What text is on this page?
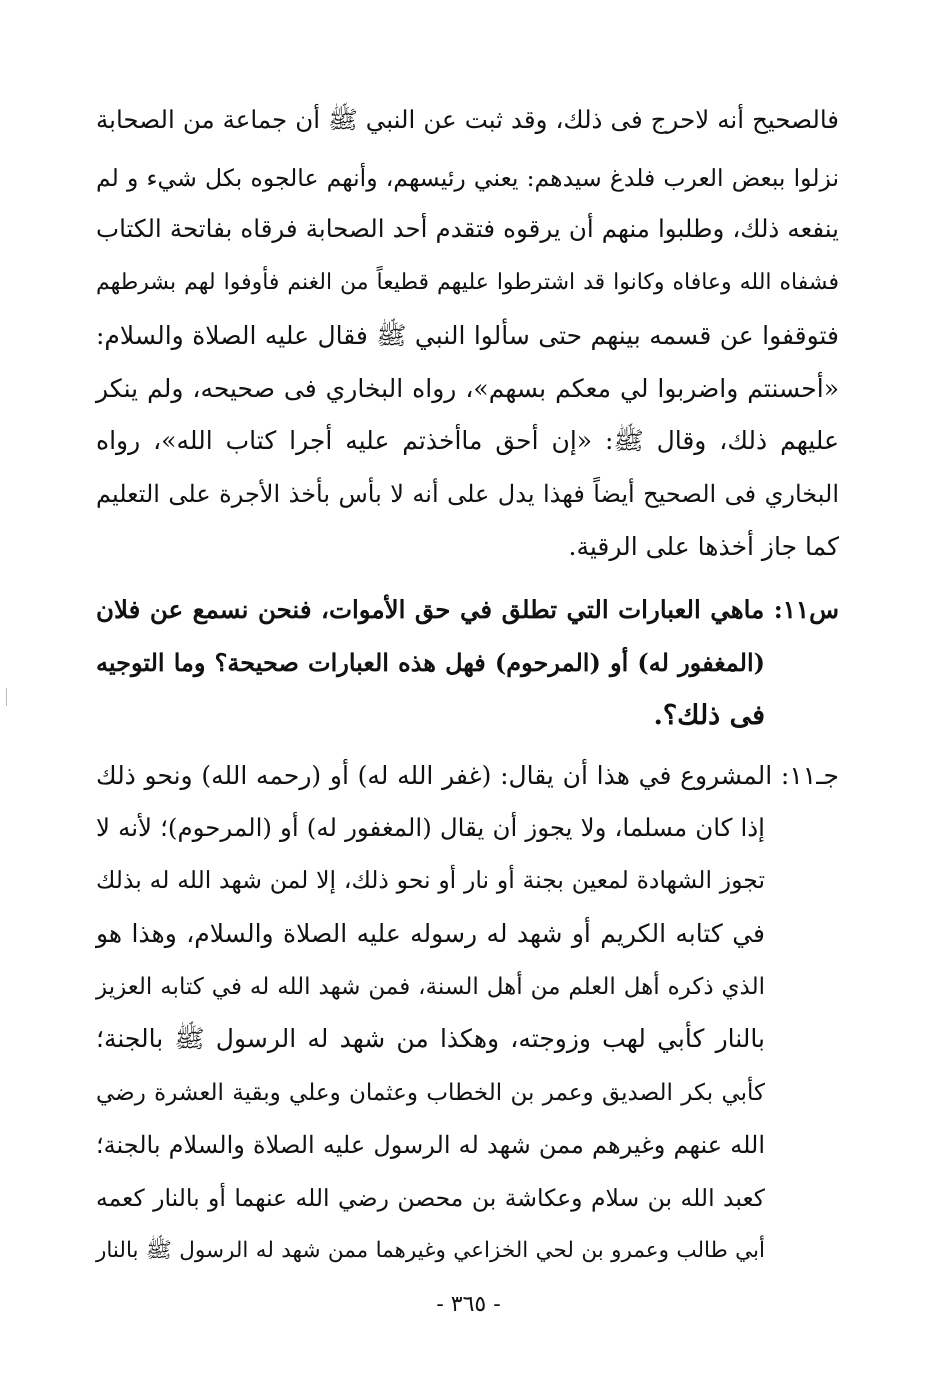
فالصحيح أنه لاحرج فى ذلك، وقد ثبت عن النبي ﷺ أن جماعة من الصحابة
نزلوا ببعض العرب فلدغ سيدهم: يعني رئيسهم، وأنهم عالجوه بكل شيء و لم
ينفعه ذلك، وطلبوا منهم أن يرقوه فتقدم أحد الصحابة فرقاه بفاتحة الكتاب
فشفاه الله وعافاه وكانوا قد اشترطوا عليهم قطيعاً من الغنم فأوفوا لهم بشرطهم
فتوقفوا عن قسمه بينهم حتى سألوا النبي ﷺ فقال عليه الصلاة والسلام:
«أحسنتم واضربوا لي معكم بسهم»، رواه البخاري فى صحيحه، ولم ينكر
عليهم ذلك، وقال ﷺ: «إن أحق ماأخذتم عليه أجرا كتاب الله»، رواه
البخاري فى الصحيح أيضاً فهذا يدل على أنه لا بأس بأخذ الأجرة على التعليم
كما جاز أخذها على الرقية.
س١١: ماهي العبارات التي تطلق في حق الأموات، فنحن نسمع عن فلان
(المغفور له) أو (المرحوم) فهل هذه العبارات صحيحة؟ وما التوجيه
فى ذلك؟.
جـ١١: المشروع في هذا أن يقال: (غفر الله له) أو (رحمه الله) ونحو ذلك
إذا كان مسلما، ولا يجوز أن يقال (المغفور له) أو (المرحوم)؛ لأنه لا
تجوز الشهادة لمعين بجنة أو نار أو نحو ذلك، إلا لمن شهد الله له بذلك
في كتابه الكريم أو شهد له رسوله عليه الصلاة والسلام، وهذا هو
الذي ذكره أهل العلم من أهل السنة، فمن شهد الله له في كتابه العزيز
بالنار كأبي لهب وزوجته، وهكذا من شهد له الرسول ﷺ بالجنة؛
كأبي بكر الصديق وعمر بن الخطاب وعثمان وعلي وبقية العشرة رضي
الله عنهم وغيرهم ممن شهد له الرسول عليه الصلاة والسلام بالجنة؛
كعبد الله بن سلام وعكاشة بن محصن رضي الله عنهما أو بالنار كعمه
أبي طالب وعمرو بن لحي الخزاعي وغيرهما ممن شهد له الرسول ﷺ بالنار
- ٣٦٥ -
